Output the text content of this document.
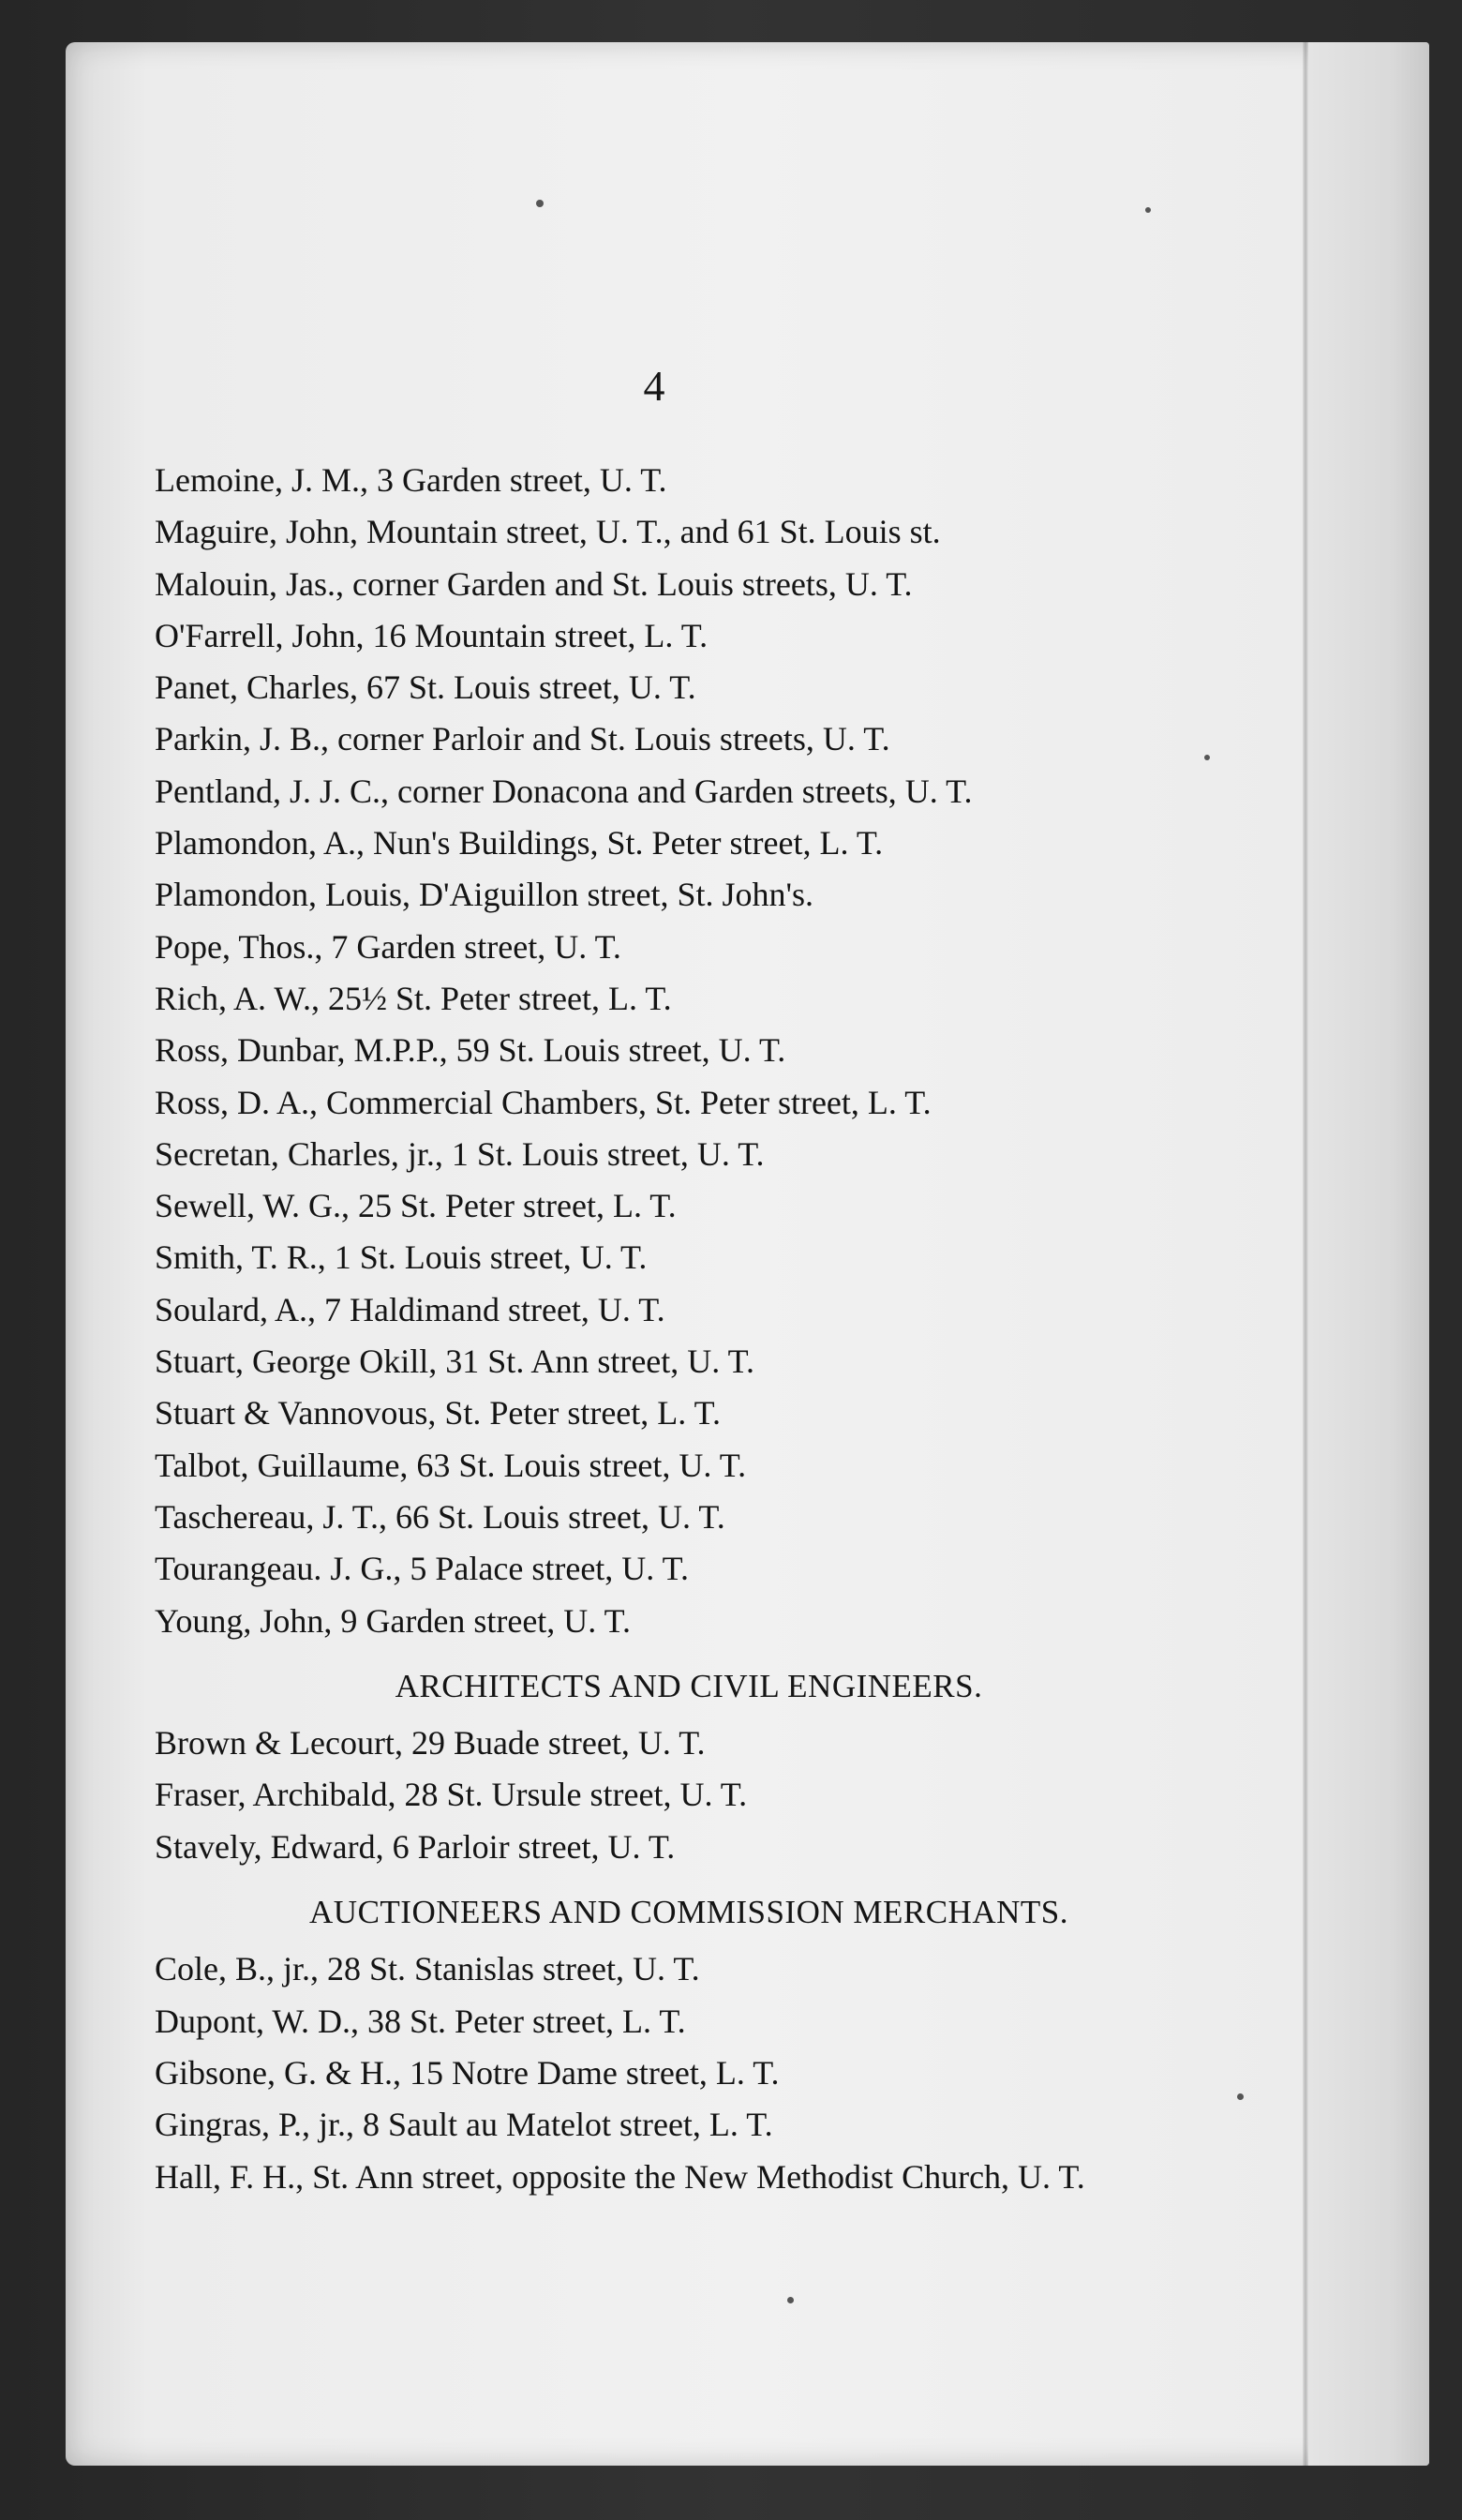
4
Lemoine, J. M., 3 Garden street, U. T.
Maguire, John, Mountain street, U. T., and 61 St. Louis st.
Malouin, Jas., corner Garden and St. Louis streets, U. T.
O'Farrell, John, 16 Mountain street, L. T.
Panet, Charles, 67 St. Louis street, U. T.
Parkin, J. B., corner Parloir and St. Louis streets, U. T.
Pentland, J. J. C., corner Donacona and Garden streets, U. T.
Plamondon, A., Nun's Buildings, St. Peter street, L. T.
Plamondon, Louis, D'Aiguillon street, St. John's.
Pope, Thos., 7 Garden street, U. T.
Rich, A. W., 25½ St. Peter street, L. T.
Ross, Dunbar, M.P.P., 59 St. Louis street, U. T.
Ross, D. A., Commercial Chambers, St. Peter street, L. T.
Secretan, Charles, jr., 1 St. Louis street, U. T.
Sewell, W. G., 25 St. Peter street, L. T.
Smith, T. R., 1 St. Louis street, U. T.
Soulard, A., 7 Haldimand street, U. T.
Stuart, George Okill, 31 St. Ann street, U. T.
Stuart & Vannovous, St. Peter street, L. T.
Talbot, Guillaume, 63 St. Louis street, U. T.
Taschereau, J. T., 66 St. Louis street, U. T.
Tourangeau. J. G., 5 Palace street, U. T.
Young, John, 9 Garden street, U. T.
ARCHITECTS AND CIVIL ENGINEERS.
Brown & Lecourt, 29 Buade street, U. T.
Fraser, Archibald, 28 St. Ursule street, U. T.
Stavely, Edward, 6 Parloir street, U. T.
AUCTIONEERS AND COMMISSION MERCHANTS.
Cole, B., jr., 28 St. Stanislas street, U. T.
Dupont, W. D., 38 St. Peter street, L. T.
Gibsone, G. & H., 15 Notre Dame street, L. T.
Gingras, P., jr., 8 Sault au Matelot street, L. T.
Hall, F. H., St. Ann street, opposite the New Methodist Church, U. T.
